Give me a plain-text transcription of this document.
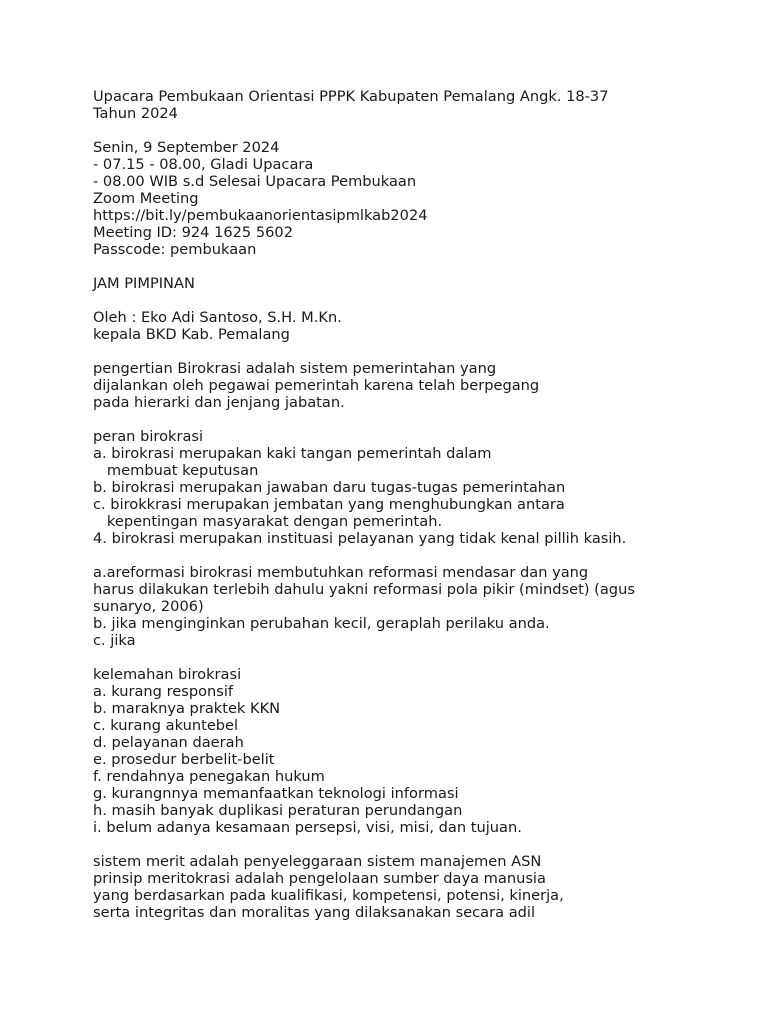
Upacara Pembukaan Orientasi PPPK Kabupaten Pemalang Angk. 18-37
Tahun 2024
Senin, 9 September 2024
- 07.15 - 08.00, Gladi Upacara
- 08.00 WIB s.d Selesai Upacara Pembukaan
Zoom Meeting
https://bit.ly/pembukaanorientasipmlkab2024
Meeting ID: 924 1625 5602
Passcode: pembukaan
JAM PIMPINAN
Oleh : Eko Adi Santoso, S.H. M.Kn.
kepala BKD Kab. Pemalang
pengertian Birokrasi adalah sistem pemerintahan yang
dijalankan oleh pegawai pemerintah karena telah berpegang
pada hierarki dan jenjang jabatan.
peran birokrasi
a. birokrasi merupakan kaki tangan pemerintah dalam
membuat keputusan
b. birokrasi merupakan jawaban daru tugas-tugas pemerintahan
c. birokkrasi merupakan jembatan yang menghubungkan antara
kepentingan masyarakat dengan pemerintah.
4. birokrasi merupakan instituasi pelayanan yang tidak kenal pillih kasih.
a.areformasi birokrasi membutuhkan reformasi mendasar dan yang
harus dilakukan terlebih dahulu yakni reformasi pola pikir (mindset) (agus
sunaryo, 2006)
b. jika menginginkan perubahan kecil, geraplah perilaku anda.
c. jika
kelemahan birokrasi
a. kurang responsif
b. maraknya praktek KKN
c. kurang akuntebel
d. pelayanan daerah
e. prosedur berbelit-belit
f. rendahnya penegakan hukum
g. kurangnnya memanfaatkan teknologi informasi
h. masih banyak duplikasi peraturan perundangan
i. belum adanya kesamaan persepsi, visi, misi, dan tujuan.
sistem merit adalah penyeleggaraan sistem manajemen ASN
prinsip meritokrasi adalah pengelolaan sumber daya manusia
yang berdasarkan pada kualifikasi, kompetensi, potensi, kinerja,
serta integritas dan moralitas yang dilaksanakan secara adil
